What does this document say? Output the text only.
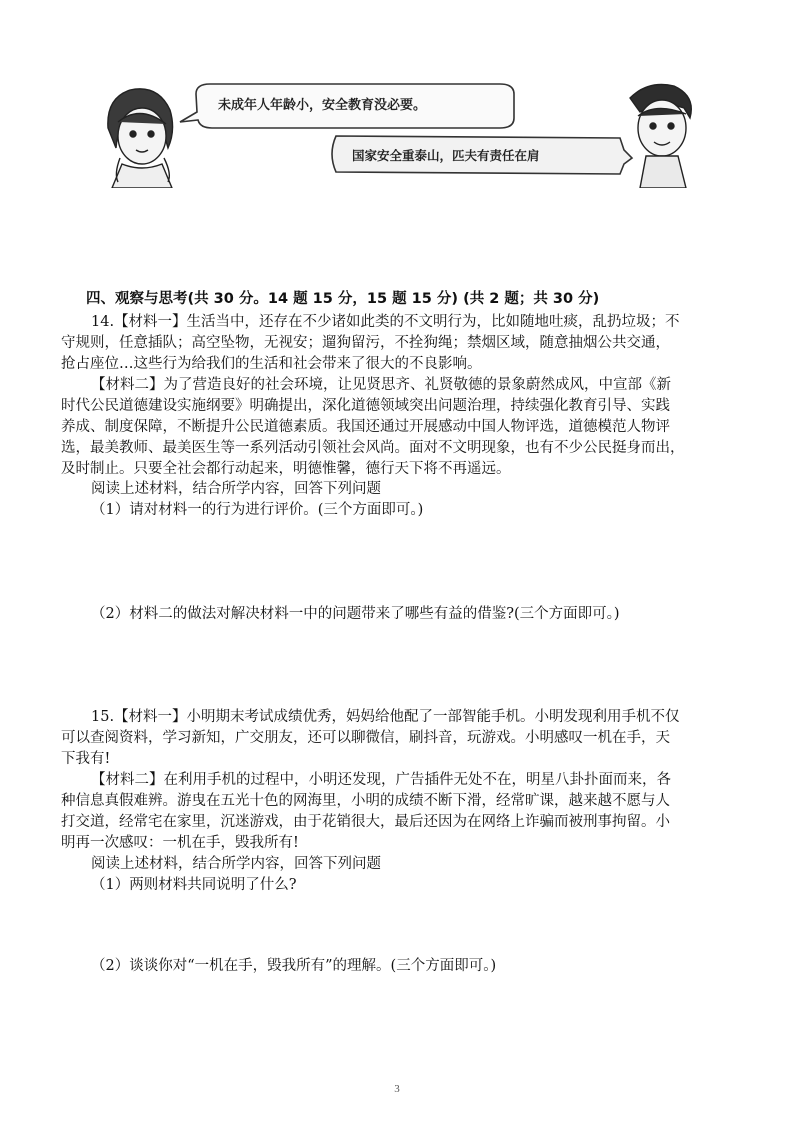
未成年人年龄小，安全教育没必要。
国家安全重泰山，匹夫有责任在肩
四、观察与思考(共 30 分。14 题 15 分，15 题 15 分) (共 2 题；共 30 分)
14.【材料一】生活当中，还存在不少诸如此类的不文明行为，比如随地吐痰，乱扔垃圾；不
守规则，任意插队；高空坠物，无视安；遛狗留污，不拴狗绳；禁烟区域，随意抽烟公共交通，
抢占座位…这些行为给我们的生活和社会带来了很大的不良影响。
【材料二】为了营造良好的社会环境，让见贤思齐、礼贤敬德的景象蔚然成风，中宣部《新
时代公民道德建设实施纲要》明确提出，深化道德领域突出问题治理，持续强化教育引导、实践
养成、制度保障，不断提升公民道德素质。我国还通过开展感动中国人物评选，道德模范人物评
选，最美教师、最美医生等一系列活动引领社会风尚。面对不文明现象，也有不少公民挺身而出，
及时制止。只要全社会都行动起来，明德惟馨，德行天下将不再遥远。
阅读上述材料，结合所学内容，回答下列问题
（1）请对材料一的行为进行评价。(三个方面即可。)
（2）材料二的做法对解决材料一中的问题带来了哪些有益的借鉴?(三个方面即可。)
15.【材料一】小明期末考试成绩优秀，妈妈给他配了一部智能手机。小明发现利用手机不仅
可以查阅资料，学习新知，广交朋友，还可以聊微信，刷抖音，玩游戏。小明感叹一机在手，天
下我有!
【材料二】在利用手机的过程中，小明还发现，广告插件无处不在，明星八卦扑面而来，各
种信息真假难辨。游曳在五光十色的网海里，小明的成绩不断下滑，经常旷课，越来越不愿与人
打交道，经常宅在家里，沉迷游戏，由于花销很大，最后还因为在网络上诈骗而被刑事拘留。小
明再一次感叹：一机在手，毁我所有!
阅读上述材料，结合所学内容，回答下列问题
（1）两则材料共同说明了什么?
（2）谈谈你对“一机在手，毁我所有”的理解。(三个方面即可。)
3
